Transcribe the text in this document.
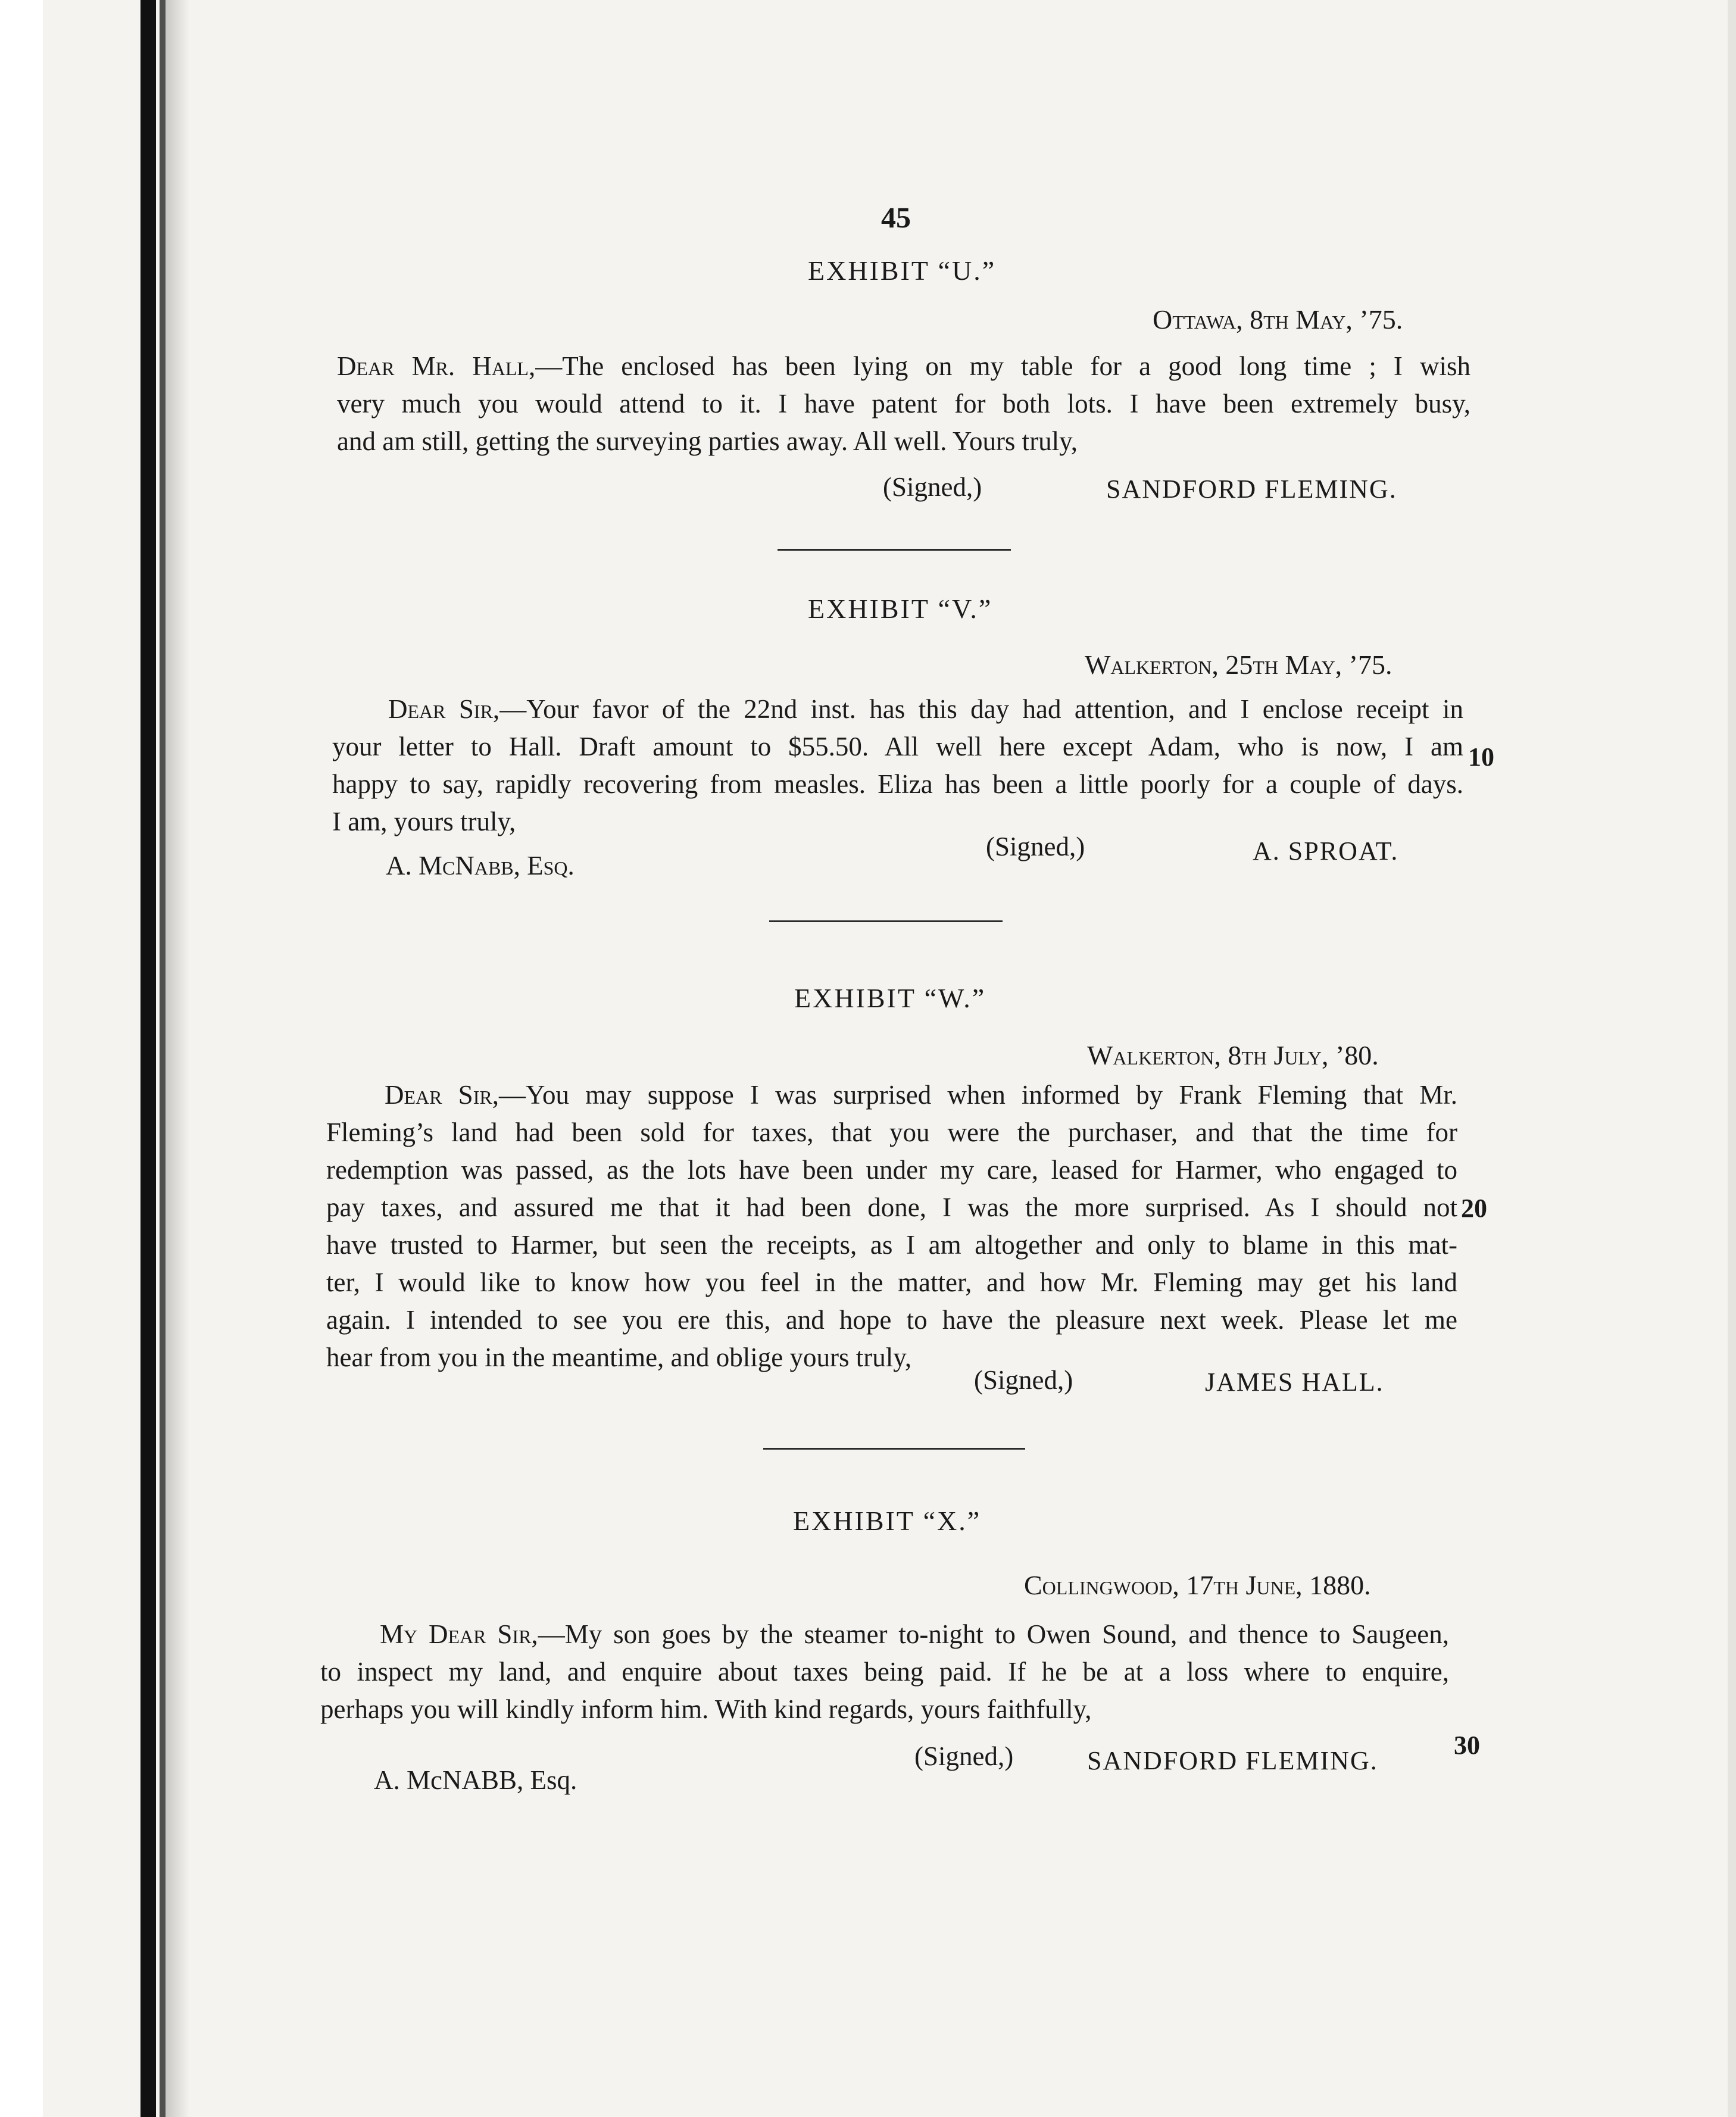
45
EXHIBIT “U.”
Ottawa, 8th May, ’75.
Dear Mr. Hall,—The enclosed has been lying on my table for a good long time ; I wish
very much you would attend to it. I have patent for both lots. I have been extremely busy,
and am still, getting the surveying parties away. All well. Yours truly,
(Signed,)	SANDFORD FLEMING.
EXHIBIT “V.”
Walkerton, 25th May, ’75.
Dear Sir,—Your favor of the 22nd inst. has this day had attention, and I enclose receipt in
your letter to Hall. Draft amount to $55.50. All well here except Adam, who is now, I am
happy to say, rapidly recovering from measles. Eliza has been a little poorly for a couple of days.
I am, yours truly,
(Signed,)	A. SPROAT.
A. McNabb, Esq.
EXHIBIT “W.”
Walkerton, 8th July, ’80.
Dear Sir,—You may suppose I was surprised when informed by Frank Fleming that Mr.
Fleming’s land had been sold for taxes, that you were the purchaser, and that the time for
redemption was passed, as the lots have been under my care, leased for Harmer, who engaged to
pay taxes, and assured me that it had been done, I was the more surprised. As I should not
have trusted to Harmer, but seen the receipts, as I am altogether and only to blame in this mat-
ter, I would like to know how you feel in the matter, and how Mr. Fleming may get his land
again. I intended to see you ere this, and hope to have the pleasure next week. Please let me
hear from you in the meantime, and oblige yours truly,
(Signed,)	JAMES HALL.
EXHIBIT “X.”
Collingwood, 17th June, 1880.
My Dear Sir,—My son goes by the steamer to-night to Owen Sound, and thence to Saugeen,
to inspect my land, and enquire about taxes being paid. If he be at a loss where to enquire,
perhaps you will kindly inform him. With kind regards, yours faithfully,
(Signed,)	SANDFORD FLEMING.
A. McNABB, Esq.
10
20
30
